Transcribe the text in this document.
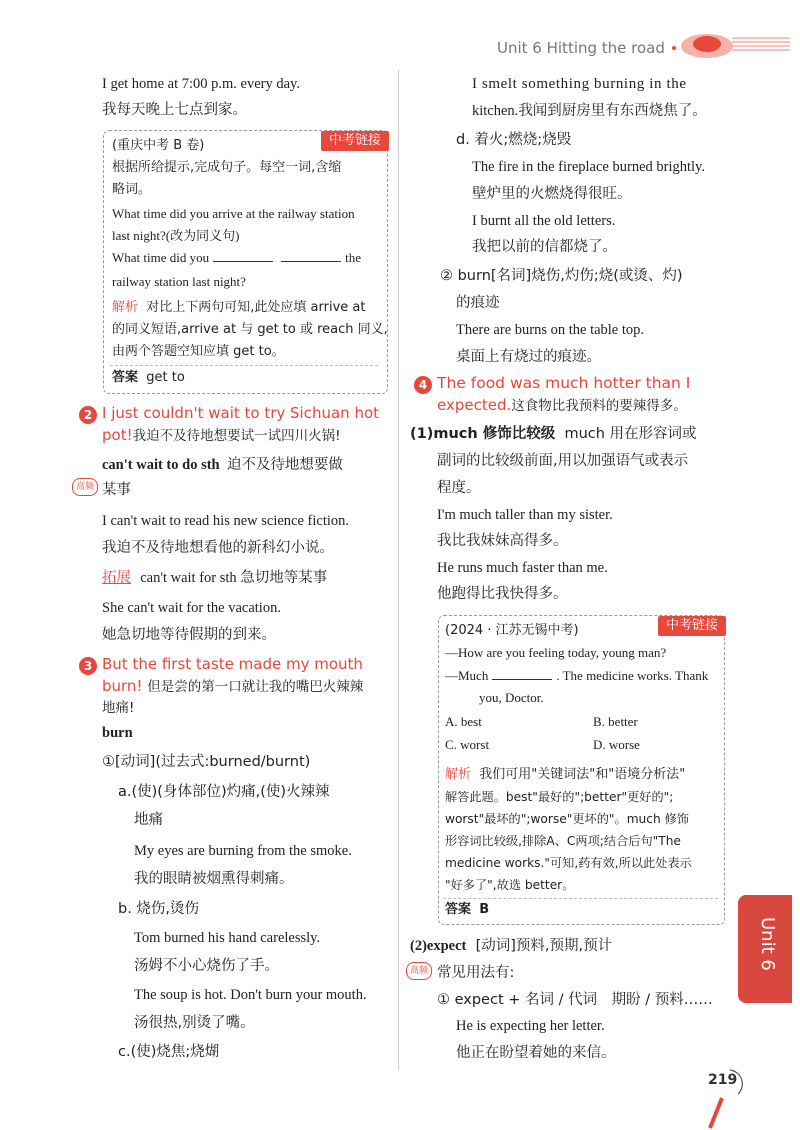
Unit 6 Hitting the road
I get home at 7:00 p.m. every day.
我每天晚上七点到家。
中考链接
(重庆中考 B 卷)
根据所给提示,完成句子。每空一词,含缩
略词。
What time did you arrive at the railway station
last night?(改为同义句)
What time did you	the
railway station last night?
解析 对比上下两句可知,此处应填 arrive at
的同义短语,arrive at 与 get to 或 reach 同义,
由两个答题空知应填 get to。
答案 get to
2 I just couldn't wait to try Sichuan hot
pot!我迫不及待地想要试一试四川火锅!
can't wait to do sth 迫不及待地想要做
高频 某事
I can't wait to read his new science fiction.
我迫不及待地想看他的新科幻小说。
拓展 can't wait for sth 急切地等某事
She can't wait for the vacation.
她急切地等待假期的到来。
3 But the first taste made my mouth
burn! 但是尝的第一口就让我的嘴巴火辣辣
地痛!
burn
①[动词](过去式:burned/burnt)
a.(使)(身体部位)灼痛,(使)火辣辣
地痛
My eyes are burning from the smoke.
我的眼睛被烟熏得刺痛。
b. 烧伤,烫伤
Tom burned his hand carelessly.
汤姆不小心烧伤了手。
The soup is hot. Don't burn your mouth.
汤很热,别烫了嘴。
c.(使)烧焦;烧煳
I smelt something burning in the
kitchen.我闻到厨房里有东西烧焦了。
d. 着火;燃烧;烧毁
The fire in the fireplace burned brightly.
壁炉里的火燃烧得很旺。
I burnt all the old letters.
我把以前的信都烧了。
② burn[名词]烧伤,灼伤;烧(或烫、灼)
的痕迹
There are burns on the table top.
桌面上有烧过的痕迹。
4 The food was much hotter than I
expected.这食物比我预料的要辣得多。
(1)much 修饰比较级 much 用在形容词或
副词的比较级前面,用以加强语气或表示
程度。
I'm much taller than my sister.
我比我妹妹高得多。
He runs much faster than me.
他跑得比我快得多。
中考链接
(2024 · 江苏无锡中考)
—How are you feeling today, young man?
—Much	. The medicine works. Thank
you, Doctor.
A. best	B. better
C. worst	D. worse
解析 我们可用"关键词法"和"语境分析法"
解答此题。best"最好的";better"更好的";
worst"最坏的";worse"更坏的"。much 修饰
形容词比较级,排除A、C两项;结合后句"The
medicine works."可知,药有效,所以此处表示
"好多了",故选 better。
答案 B
(2)expect [动词]预料,预期,预计
高频 常见用法有:
① expect + 名词 / 代词　期盼 / 预料……
He is expecting her letter.
他正在盼望着她的来信。
Unit 6
219
